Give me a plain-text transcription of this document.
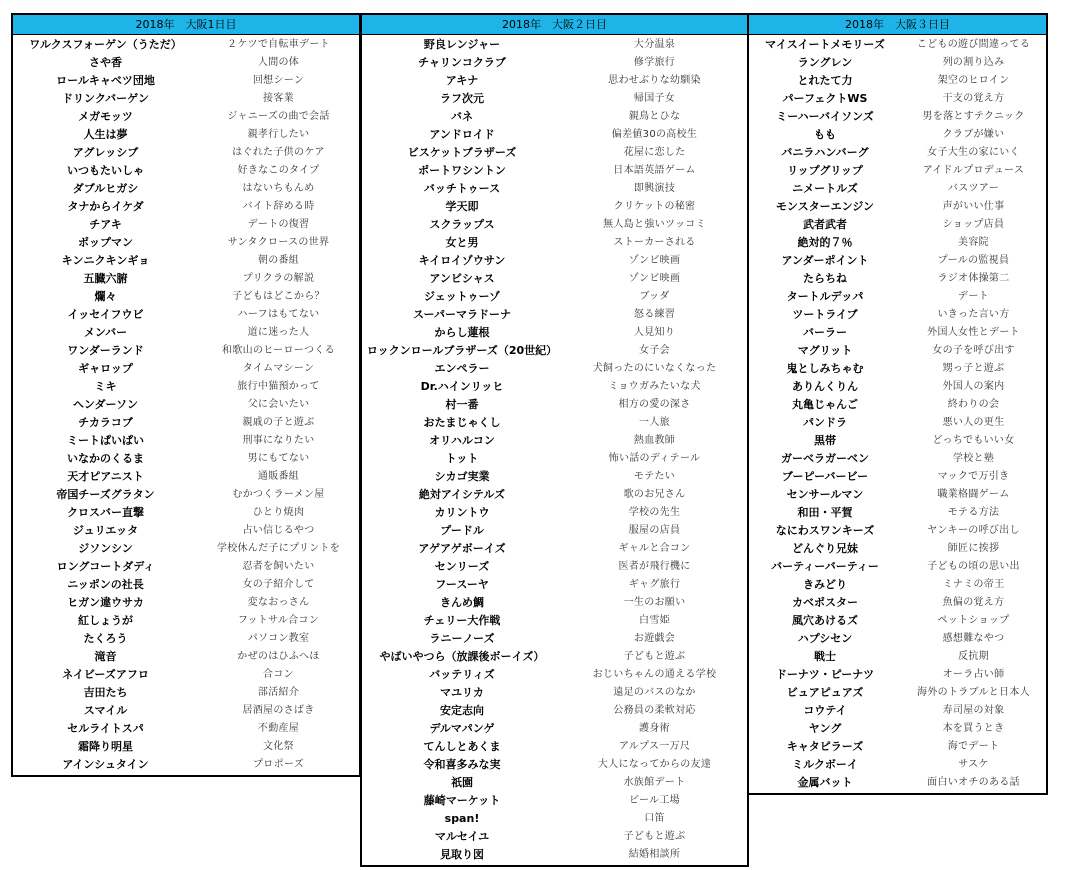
2018年　大阪1日目
ワルクスフォーゲン（うただ）	２ケツで自転車デート
さや香	人間の体
ロールキャベツ団地	回想シーン
ドリンクバーゲン	接客業
メガモッツ	ジャニーズの曲で会話
人生は夢	親孝行したい
アグレッシブ	はぐれた子供のケア
いつもたいしゃ	好きなこのタイプ
ダブルヒガシ	はないちもんめ
タナからイケダ	バイト辞める時
チアキ	デートの復習
ポップマン	サンタクロースの世界
キンニクキンギョ	朝の番組
五臓六腑	プリクラの解説
爛々	子どもはどこから？
イッセイフウビ	ハーフはもてない
メンバー	道に迷った人
ワンダーランド	和歌山のヒーローつくる
ギャロップ	タイムマシーン
ミキ	旅行中猫預かって
ヘンダーソン	父に会いたい
チカラコブ	親戚の子と遊ぶ
ミートぱいぱい	刑事になりたい
いなかのくるま	男にもてない
天才ピアニスト	通販番組
帝国チーズグラタン	むかつくラーメン屋
クロスバー直撃	ひとり焼肉
ジュリエッタ	占い信じるやつ
ジソンシン	学校休んだ子にプリントを
ロングコートダディ	忍者を飼いたい
ニッポンの社長	女の子紹介して
ヒガン違ウサカ	変なおっさん
紅しょうが	フットサル合コン
たくろう	パソコン教室
滝音	かぜのはひふへほ
ネイビーズアフロ	合コン
吉田たち	部活紹介
スマイル	居酒屋のさばき
セルライトスパ	不動産屋
霜降り明星	文化祭
アインシュタイン	プロポーズ
2018年　大阪２日目
野良レンジャー	大分温泉
チャリンコクラブ	修学旅行
アキナ	思わせぶりな幼馴染
ラフ次元	帰国子女
バネ	親鳥とひな
アンドロイド	偏差値30の高校生
ビスケットブラザーズ	花屋に恋した
ポートワシントン	日本語英語ゲーム
バッチトゥース	即興演技
学天即	クリケットの秘密
スクラップス	無人島と強いツッコミ
女と男	ストーカーされる
キイロイゾウサン	ゾンビ映画
アンビシャス	ゾンビ映画
ジェットゥーゾ	ブッダ
スーパーマラドーナ	怒る練習
からし蓮根	人見知り
ロックンロールブラザーズ（20世紀）	女子会
エンペラー	犬飼ったのにいなくなった
Dr.ハインリッヒ	ミョウガみたいな犬
村一番	相方の愛の深さ
おたまじゃくし	一人旅
オリハルコン	熱血教師
トット	怖い話のディテール
シカゴ実業	モテたい
絶対アイシテルズ	歌のお兄さん
カリントウ	学校の先生
プードル	服屋の店員
アゲアゲボーイズ	ギャルと合コン
センリーズ	医者が飛行機に
フースーヤ	ギャグ旅行
きんめ鯛	一生のお願い
チェリー大作戦	白雪姫
ラニーノーズ	お遊戯会
やばいやつら（放課後ボーイズ）	子どもと遊ぶ
バッテリィズ	おじいちゃんの通える学校
マユリカ	遠足のバスのなか
安定志向	公務員の柔軟対応
デルマパンゲ	護身術
てんしとあくま	アルプス一万尺
令和喜多みな実	大人になってからの友達
祇園	水族館デート
藤崎マーケット	ビール工場
span!	口笛
マルセイユ	子どもと遊ぶ
見取り図	結婚相談所
2018年　大阪３日目
マイスイートメモリーズ	こどもの遊び間違ってる
ラングレン	列の割り込み
とれたて力	架空のヒロイン
パーフェクトWS	干支の覚え方
ミーハーバイソンズ	男を落とすテクニック
もも	クラブが嫌い
バニラハンバーグ	女子大生の家にいく
リップグリップ	アイドルプロデュース
ニメートルズ	バスツアー
モンスターエンジン	声がいい仕事
武者武者	ショップ店員
絶対的７％	美容院
アンダーポイント	プールの監視員
たらちね	ラジオ体操第二
タートルデッパ	デート
ツートライブ	いきった言い方
バーラー	外国人女性とデート
マグリット	女の子を呼び出す
鬼としみちゃむ	甥っ子と遊ぶ
ありんくりん	外国人の案内
丸亀じゃんご	終わりの会
パンドラ	悪い人の更生
黒帯	どっちでもいい女
ガーベラガーベン	学校と塾
ブーピーバービー	マックで万引き
センサールマン	職業格闘ゲーム
和田・平賀	モテる方法
なにわスワンキーズ	ヤンキーの呼び出し
どんぐり兄妹	師匠に挨拶
バーティーバーティー	子どもの頃の思い出
きみどり	ミナミの帝王
カベポスター	魚偏の覚え方
風穴あけるズ	ペットショップ
ハプシセン	感想難なやつ
戦士	反抗期
ドーナツ・ピーナツ	オーラ占い師
ビュアピュアズ	海外のトラブルと日本人
コウテイ	寿司屋の対象
ヤング	本を買うとき
キャタピラーズ	海でデート
ミルクボーイ	サスケ
金属バット	面白いオチのある話
